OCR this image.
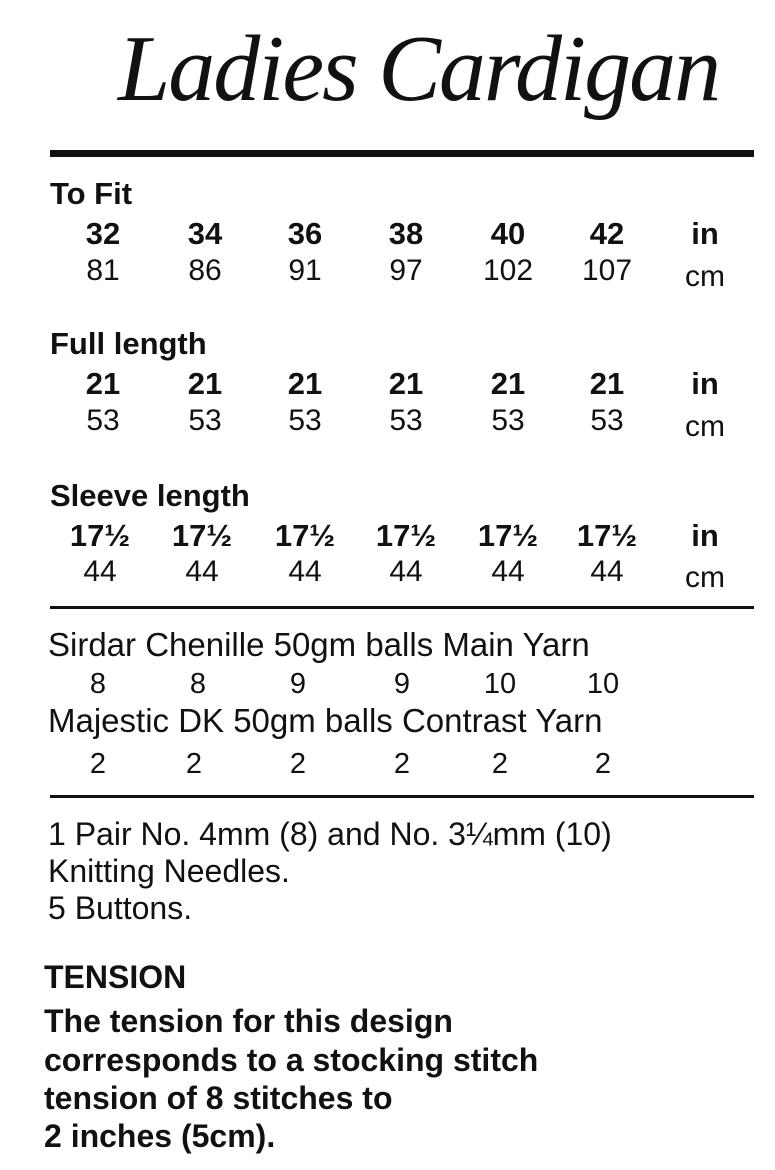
Ladies Cardigan
To Fit
32	34	36	38	40	42	in
81	86	91	97	102	107	cm
Full length
21	21	21	21	21	21	in
53	53	53	53	53	53	cm
Sleeve length
17½	17½	17½	17½	17½	17½	in
44	44	44	44	44	44	cm
Sirdar Chenille 50gm balls Main Yarn
8	8	9	9	10	10
Majestic DK 50gm balls Contrast Yarn
2	2	2	2	2	2
1 Pair No. 4mm (8) and No. 3¼mm (10)
Knitting Needles.
5 Buttons.
TENSION
The tension for this design
corresponds to a stocking stitch
tension of 8 stitches to
2 inches (5cm).
